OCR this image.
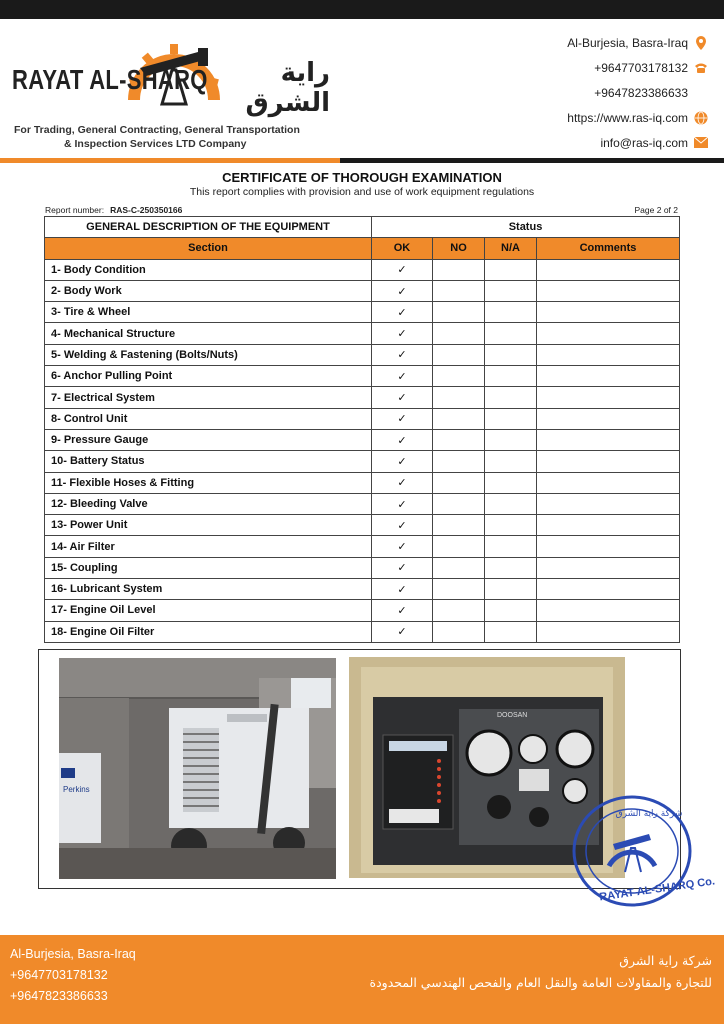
RAYAT AL-SHARQ	راية الشرق
For Trading, General Contracting, General Transportation
& Inspection Services LTD Company
Al-Burjesia, Basra-Iraq
+9647703178132
+9647823386633
https://www.ras-iq.com
info@ras-iq.com
CERTIFICATE OF THOROUGH EXAMINATION
This report complies with provision and use of work equipment regulations
Report number: RAS-C-250350166	Page 2 of 2
GENERAL DESCRIPTION OF THE EQUIPMENT	Status			
Section	OK	NO	N/A	Comments
1- Body Condition	✓			
2- Body Work	✓			
3- Tire & Wheel	✓			
4- Mechanical Structure	✓			
5- Welding & Fastening (Bolts/Nuts)	✓			
6- Anchor Pulling Point	✓			
7- Electrical System	✓			
8- Control Unit	✓			
9- Pressure Gauge	✓			
10- Battery Status	✓			
11- Flexible Hoses & Fitting	✓			
12- Bleeding Valve	✓			
13- Power Unit	✓			
14- Air Filter	✓			
15- Coupling	✓			
16- Lubricant System	✓			
17- Engine Oil Level	✓			
18- Engine Oil Filter	✓			
Perkins
DOOSAN
RAYAT AL-SHARQ Co.
شركة راية الشرق
Al-Burjesia, Basra-Iraq
+9647703178132
+9647823386633
شركة راية الشرق
للتجارة والمقاولات العامة والنقل العام والفحص الهندسي المحدودة
